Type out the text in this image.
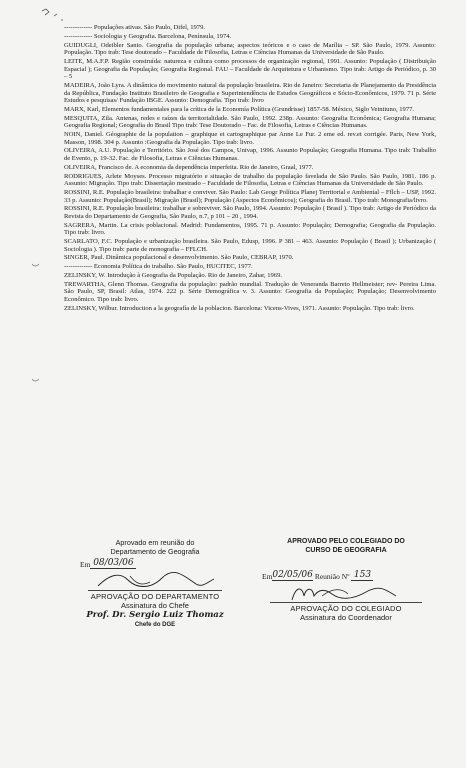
------------- Populações ativas. São Paulo, Difel, 1979.

------------- Sociologia y Geografia. Barcelona, Península, 1974.

GUIDUGLI, Odeibler Santo. Geografia da população urbana; aspectos teóricos e o caso de Marília – SP. São Paulo, 1979. Assunto: População. Tipo trab: Tese doutorado – Faculdade de Filosofia, Letras e Ciências Humanas da Universidade de São Paulo.

LEITE, M.A.F.P. Região construída: natureza e cultura como processos de organização regional, 1991. Assunto: População ( Distribuição Espacial ); Geografia da População; Geografia Regional. FAU – Faculdade de Arquitetura e Urbanismo. Tipo trab: Artigo de Periódico, p. 30 – 5

MADEIRA, João Lyra. A dinâmica do movimento natural da população brasileira. Rio de Janeiro: Secretaria de Planejamento da Presidência da República, Fundação Instituto Brasileiro de Geografia e Superintendência de Estudos Geográficos e Sócio-Econômicos, 1979. 71 p. Série Estudos e pesquisas/ Fundação IBGE. Assunto: Demografia. Tipo trab: livro

MARX, Karl, Elementos fundamentales para la crítica de la Economía Política (Grundrisse) 1857-58. México, Siglo Veintiuno, 1977.

MESQUITA, Zila. Antenas, redes e raízes da territorialidade. São Paulo, 1992. 238p. Assunto: Geografia Econômica; Geografia Humana; Geografia Regional; Geografia do Brasil Tipo trab: Tese Doutorado – Fac. de Filosofia, Letras e Ciências Humanas.

NOIN, Daniel. Géographie de la population – graphique et cartographique par Anne Le Fur. 2 eme ed. rev.et corrigée. Paris, New York, Masson, 1998. 304 p. Assunto :Geografia da População. Tipo trab: livro.

OLIVEIRA, A.U. População e Território. São José dos Campos, Univap, 1996. Assunto População; Geografia Humana. Tipo trab: Trabalho de Evento, p. 19-32. Fac. de Filosofia, Letras e Ciências Humanas.

OLIVEIRA, Francisco de. A economia da dependência imperfeita. Rio de Janeiro, Graal, 1977.

RODRIGUES, Arlete Moyses. Processo migratório e situação de trabalho da população favelada de São Paulo. São Paulo, 1981. 186 p. Assunto: Migração. Tipo trab: Dissertação mestrado – Faculdade de Filosofia, Letras e Ciências Humanas da Universidade de São Paulo.

ROSSINI, R.E. População brasileira: trabalhar e conviver. São Paulo: Lab Geogr Política Planej Territorial e Ambiental – Fflch – USP, 1992. 33 p. Assunto: População(Brasil); Migração (Brasil); População (Aspectos Econômicos); Geografia do Brasil. Tipo trab: Monografia/livro.

ROSSINI, R.E. População brasileira: trabalhar e sobreviver. São Paulo, 1994. Assunto: População ( Brasil ). Tipo trab: Artigo de Periódico da Revista do Departamento de Geografia, São Paulo, n.7, p 101 – 20 , 1994.

SAGRERA, Martin. La crisis poblacional. Madrid: Fundamentos, 1995. 71 p. Assunto: População; Demografia; Geografia da População. Tipo trab: livro.

SCARLATO, F.C. População e urbanização brasileira. São Paulo, Edusp, 1996. P 381 – 463. Assunto: População ( Brasil ); Urbanização ( Sociologia ). Tipo trab: parte de monografia – FFLCH.

SINGER, Paul. Dinâmica populacional e desenvolvimento. São Paulo, CEBRAP, 1970.

------------- Economia Política do trabalho. São Paulo, HUCITEC, 1977.

ZELINSKY, W. Introdução à Geografia da População. Rio de Janeiro, Zahar, 1969.

TREWARTHA, Glenn Thomas. Geografia da população: padrão mundial. Tradução de Veneranda Barreto Hellmeister; rev- Pereira Lima. São Paulo, SP, Brasil: Atlas, 1974. 222 p. Série Demográfica v. 3. Assunto: Geografia da População; População; Desenvolvimento Econômico. Tipo trab: livro.

ZELINSKY, Wilbur. Introduction a la geografía de la poblacion. Barcelona: Vicens-Vives, 1971. Assunto: População. Tipo trab: livro.

Aprovado em reunião do
Departamento de Geografia
Em 08/03/06
APROVAÇÃO DO DEPARTAMENTO
Assinatura do Chefe
Prof. Dr. Sergio Luiz Thomaz
Chefe do DGE
APROVADO PELO COLEGIADO DO
CURSO DE GEOGRAFIA
Em 02/05/06 Reunião Nº 153
APROVAÇÃO DO COLEGIADO
Assinatura do Coordenador
